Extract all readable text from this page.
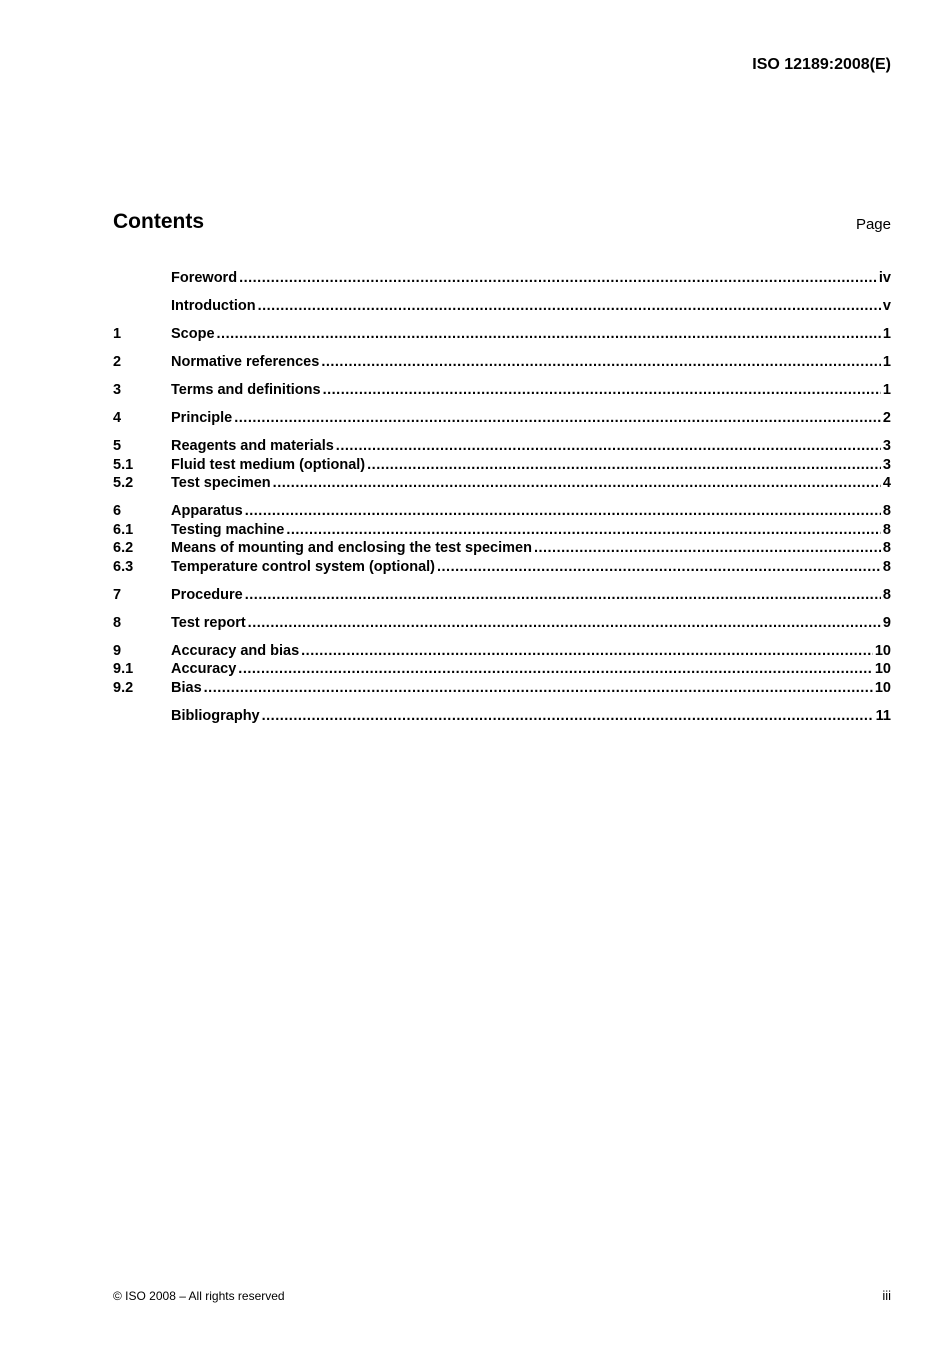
ISO 12189:2008(E)
Contents	Page
Foreword .....	iv
Introduction .....	v
1	Scope .....	1
2	Normative references .....	1
3	Terms and definitions .....	1
4	Principle .....	2
5	Reagents and materials .....	3
5.1	Fluid test medium (optional) .....	3
5.2	Test specimen .....	4
6	Apparatus .....	8
6.1	Testing machine .....	8
6.2	Means of mounting and enclosing the test specimen .....	8
6.3	Temperature control system (optional) .....	8
7	Procedure .....	8
8	Test report .....	9
9	Accuracy and bias .....	10
9.1	Accuracy .....	10
9.2	Bias .....	10
Bibliography .....	11
© ISO 2008 – All rights reserved	iii
